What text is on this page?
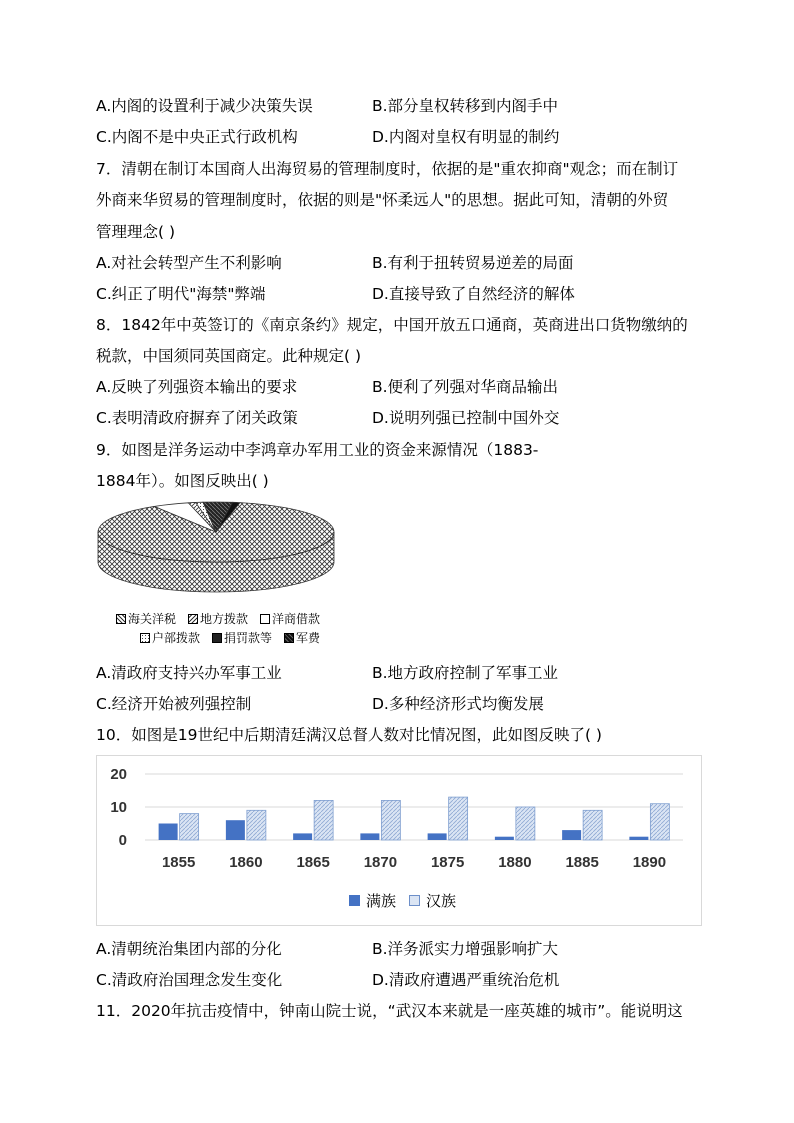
A.内阁的设置利于减少决策失误	B.部分皇权转移到内阁手中
C.内阁不是中央正式行政机构	D.内阁对皇权有明显的制约
7．清朝在制订本国商人出海贸易的管理制度时，依据的是"重农抑商"观念；而在制订
外商来华贸易的管理制度时，依据的则是"怀柔远人"的思想。据此可知，清朝的外贸
管理理念( )
A.对社会转型产生不利影响	B.有利于扭转贸易逆差的局面
C.纠正了明代"海禁"弊端	D.直接导致了自然经济的解体
8．1842年中英签订的《南京条约》规定，中国开放五口通商，英商进出口货物缴纳的
税款，中国须同英国商定。此种规定( )
A.反映了列强资本输出的要求	B.便利了列强对华商品输出
C.表明清政府摒弃了闭关政策	D.说明列强已控制中国外交
9．如图是洋务运动中李鸿章办军用工业的资金来源情况（1883-
1884年）。如图反映出( )
海关洋税 地方拨款 洋商借款
户部拨款 捐罚款等 军费
A.清政府支持兴办军事工业	B.地方政府控制了军事工业
C.经济开始被列强控制	D.多种经济形式均衡发展
10．如图是19世纪中后期清廷满汉总督人数对比情况图，此如图反映了( )
0
10
20
1855 1860 1865 1870 1875 1880 1885 1890
满族 汉族
A.清朝统治集团内部的分化	B.洋务派实力增强影响扩大
C.清政府治国理念发生变化	D.清政府遭遇严重统治危机
11．2020年抗击疫情中，钟南山院士说，“武汉本来就是一座英雄的城市”。能说明这
